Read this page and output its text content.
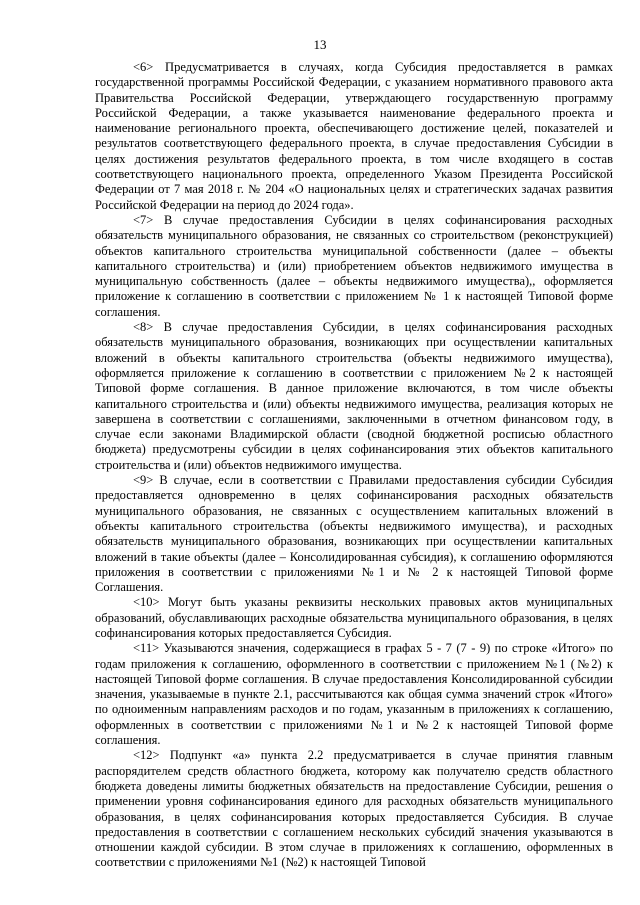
13

<6> Предусматривается в случаях, когда Субсидия предоставляется в рамках государственной программы Российской Федерации, с указанием нормативного правового акта Правительства Российской Федерации, утверждающего государственную программу Российской Федерации, а также указывается наименование федерального проекта и наименование регионального проекта, обеспечивающего достижение целей, показателей и результатов соответствующего федерального проекта, в случае предоставления Субсидии в целях достижения результатов федерального проекта, в том числе входящего в состав соответствующего национального проекта, определенного Указом Президента Российской Федерации от 7 мая 2018 г. № 204 «О национальных целях и стратегических задачах развития Российской Федерации на период до 2024 года».

<7> В случае предоставления Субсидии в целях софинансирования расходных обязательств муниципального образования, не связанных со строительством (реконструкцией) объектов капитального строительства муниципальной собственности (далее – объекты капитального строительства) и (или) приобретением объектов недвижимого имущества в муниципальную собственность (далее – объекты недвижимого имущества),, оформляется приложение к соглашению в соответствии с приложением № 1 к настоящей Типовой форме соглашения.

<8> В случае предоставления Субсидии, в целях софинансирования расходных обязательств муниципального образования, возникающих при осуществлении капитальных вложений в объекты капитального строительства (объекты недвижимого имущества), оформляется приложение к соглашению в соответствии с приложением №2 к настоящей Типовой форме соглашения. В данное приложение включаются, в том числе объекты капитального строительства и (или) объекты недвижимого имущества, реализация которых не завершена в соответствии с соглашениями, заключенными в отчетном финансовом году, в случае если законами Владимирской области (сводной бюджетной росписью областного бюджета) предусмотрены субсидии в целях софинансирования этих объектов капитального строительства и (или) объектов недвижимого имущества.

<9> В случае, если в соответствии с Правилами предоставления субсидии Субсидия предоставляется одновременно в целях софинансирования расходных обязательств муниципального образования, не связанных с осуществлением капитальных вложений в объекты капитального строительства (объекты недвижимого имущества), и расходных обязательств муниципального образования, возникающих при осуществлении капитальных вложений в такие объекты (далее – Консолидированная субсидия), к соглашению оформляются приложения в соответствии с приложениями №1 и № 2 к настоящей Типовой форме Соглашения.

<10> Могут быть указаны реквизиты нескольких правовых актов муниципальных образований, обуславливающих расходные обязательства муниципального образования, в целях софинансирования которых предоставляется Субсидия.

<11> Указываются значения, содержащиеся в графах 5 - 7 (7 - 9) по строке «Итого» по годам приложения к соглашению, оформленного в соответствии с приложением №1 (№2) к настоящей Типовой форме соглашения. В случае предоставления Консолидированной субсидии значения, указываемые в пункте 2.1, рассчитываются как общая сумма значений строк «Итого» по одноименным направлениям расходов и по годам, указанным в приложениях к соглашению, оформленных в соответствии с приложениями №1 и №2 к настоящей Типовой форме соглашения.

<12> Подпункт «а» пункта 2.2 предусматривается в случае принятия главным распорядителем средств областного бюджета, которому как получателю средств областного бюджета доведены лимиты бюджетных обязательств на предоставление Субсидии, решения о применении уровня софинансирования единого для расходных обязательств муниципального образования, в целях софинансирования которых предоставляется Субсидия. В случае предоставления в соответствии с соглашением нескольких субсидий значения указываются в отношении каждой субсидии. В этом случае в приложениях к соглашению, оформленных в соответствии с приложениями №1 (№2) к настоящей Типовой
